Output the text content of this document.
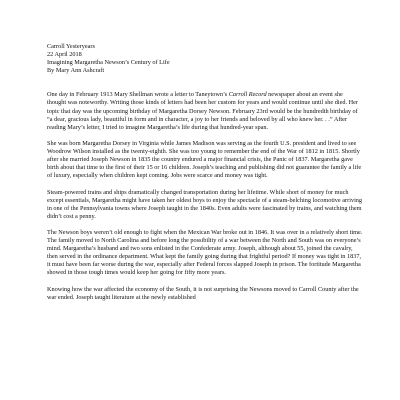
Carroll Yesteryears
22 April 2018
Imagining Margaretha Newson’s Century of Life
By Mary Ann Ashcraft

One day in February 1913 Mary Shellman wrote a letter to Taneytown’s Carroll Record newspaper about an event she thought was noteworthy. Writing those kinds of letters had been her custom for years and would continue until she died. Her topic that day was the upcoming birthday of Margaretha Dorsey Newson. February 23rd would be the hundredth birthday of “a dear, gracious lady, beautiful in form and in character, a joy to her friends and beloved by all who knew her. . .” After reading Mary’s letter, I tried to imagine Margaretha’s life during that hundred-year span.

She was born Margaretha Dorsey in Virginia while James Madison was serving as the fourth U.S. president and lived to see Woodrow Wilson installed as the twenty-eighth. She was too young to remember the end of the War of 1812 in 1815. Shortly after she married Joseph Newson in 1835 the country endured a major financial crisis, the Panic of 1837. Margaretha gave birth about that time to the first of their 15 or 16 children. Joseph’s teaching and publishing did not guarantee the family a life of luxury, especially when children kept coming. Jobs were scarce and money was tight.

Steam-powered trains and ships dramatically changed transportation during her lifetime. While short of money for much except essentials, Margaretha might have taken her oldest boys to enjoy the spectacle of a steam-belching locomotive arriving in one of the Pennsylvania towns where Joseph taught in the 1840s. Even adults were fascinated by trains, and watching them didn’t cost a penny.

The Newson boys weren’t old enough to fight when the Mexican War broke out in 1846. It was over in a relatively short time. The family moved to North Carolina and before long the possibility of a war between the North and South was on everyone’s mind. Margaretha’s husband and two sons enlisted in the Confederate army. Joseph, although about 55, joined the cavalry, then served in the ordinance department. What kept the family going during that frightful period? If money was tight in 1837, it must have been far worse during the war, especially after Federal forces slapped Joseph in prison. The fortitude Margaretha showed in those tough times would keep her going for fifty more years.

Knowing how the war affected the economy of the South, it is not surprising the Newsons moved to Carroll County after the war ended. Joseph taught literature at the newly established
